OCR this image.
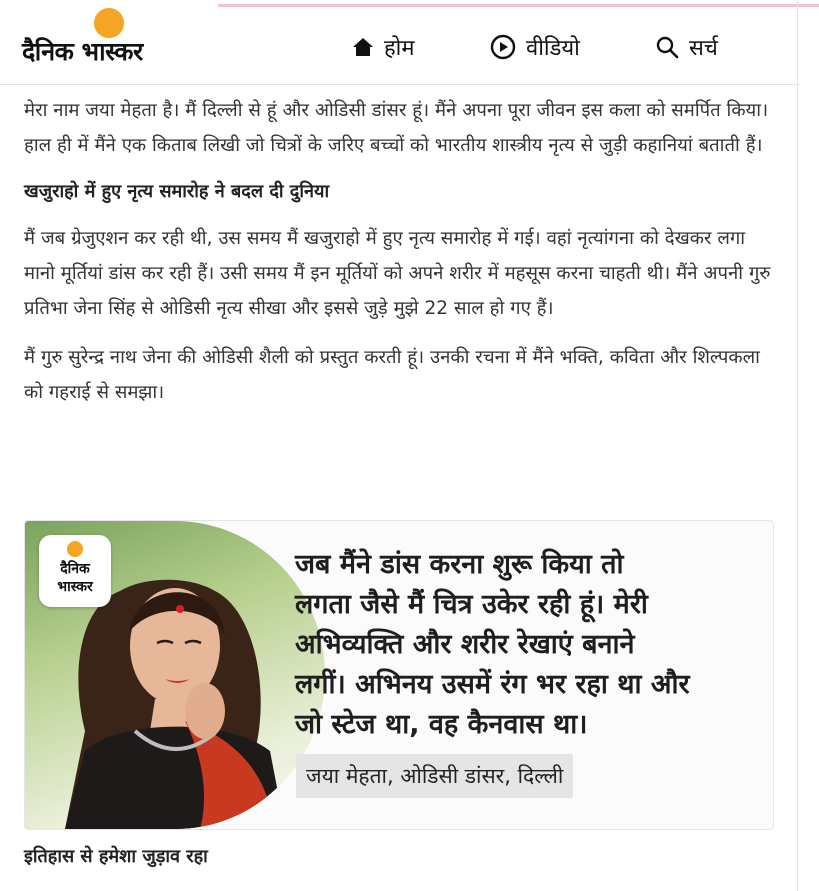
दैनिक भास्कर	होम	वीडियो	सर्च

मेरा नाम जया मेहता है। मैं दिल्ली से हूं और ओडिसी डांसर हूं। मैंने अपना पूरा जीवन इस कला को समर्पित किया। हाल ही में मैंने एक किताब लिखी जो चित्रों के जरिए बच्चों को भारतीय शास्त्रीय नृत्य से जुड़ी कहानियां बताती हैं।

खजुराहो में हुए नृत्य समारोह ने बदल दी दुनिया

मैं जब ग्रेजुएशन कर रही थी, उस समय मैं खजुराहो में हुए नृत्य समारोह में गई। वहां नृत्यांगना को देखकर लगा मानो मूर्तियां डांस कर रही हैं। उसी समय मैं इन मूर्तियों को अपने शरीर में महसूस करना चाहती थी। मैंने अपनी गुरु प्रतिभा जेना सिंह से ओडिसी नृत्य सीखा और इससे जुड़े मुझे 22 साल हो गए हैं।

मैं गुरु सुरेन्द्र नाथ जेना की ओडिसी शैली को प्रस्तुत करती हूं। उनकी रचना में मैंने भक्ति, कविता और शिल्पकला को गहराई से समझा।

दैनिक
भास्कर
जब मैंने डांस करना शुरू किया तो
लगता जैसे मैं चित्र उकेर रही हूं। मेरी
अभिव्यक्ति और शरीर रेखाएं बनाने
लगीं। अभिनय उसमें रंग भर रहा था और
जो स्टेज था, वह कैनवास था।
जया मेहता, ओडिसी डांसर, दिल्ली
इतिहास से हमेशा जुड़ाव रहा
